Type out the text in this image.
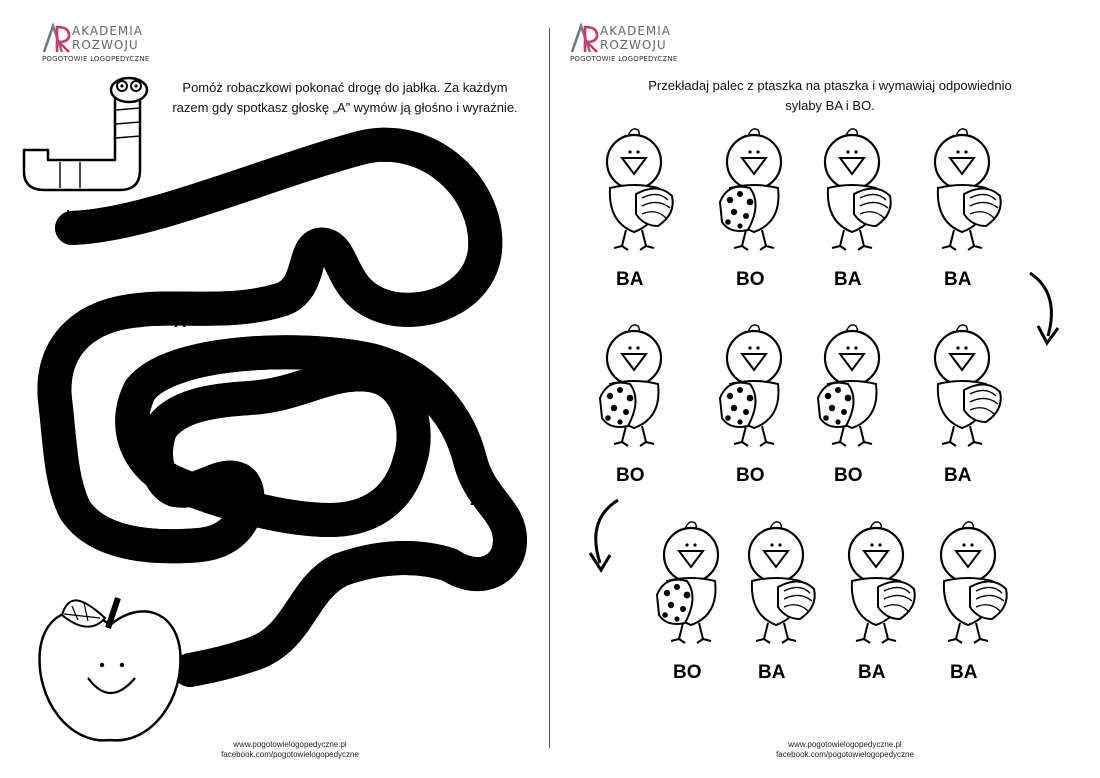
AKADEMIA
ROZWOJU
POGOTOWIE LOGOPEDYCZNE
Pomóż robaczkowi pokonać drogę do jabłka. Za każdym
razem gdy spotkasz głoskę „A” wymów ją głośno i wyraźnie.
A
A
A
A
A
A
A
A
A
A	A
A	A
A
A
www.pogotowielogopedyczne.pl
facebook.com/pogotowielogopedyczne
AKADEMIA
ROZWOJU
POGOTOWIE LOGOPEDYCZNE
Przekładaj palec z ptaszka na ptaszka i wymawiaj odpowiednio
sylaby BA i BO.
BA	BO	BA	BA
BO	BO	BO	BA
BO	BA	BA	BA
www.pogotowielogopedyczne.pl
facebook.com/pogotowielogopedyczne
